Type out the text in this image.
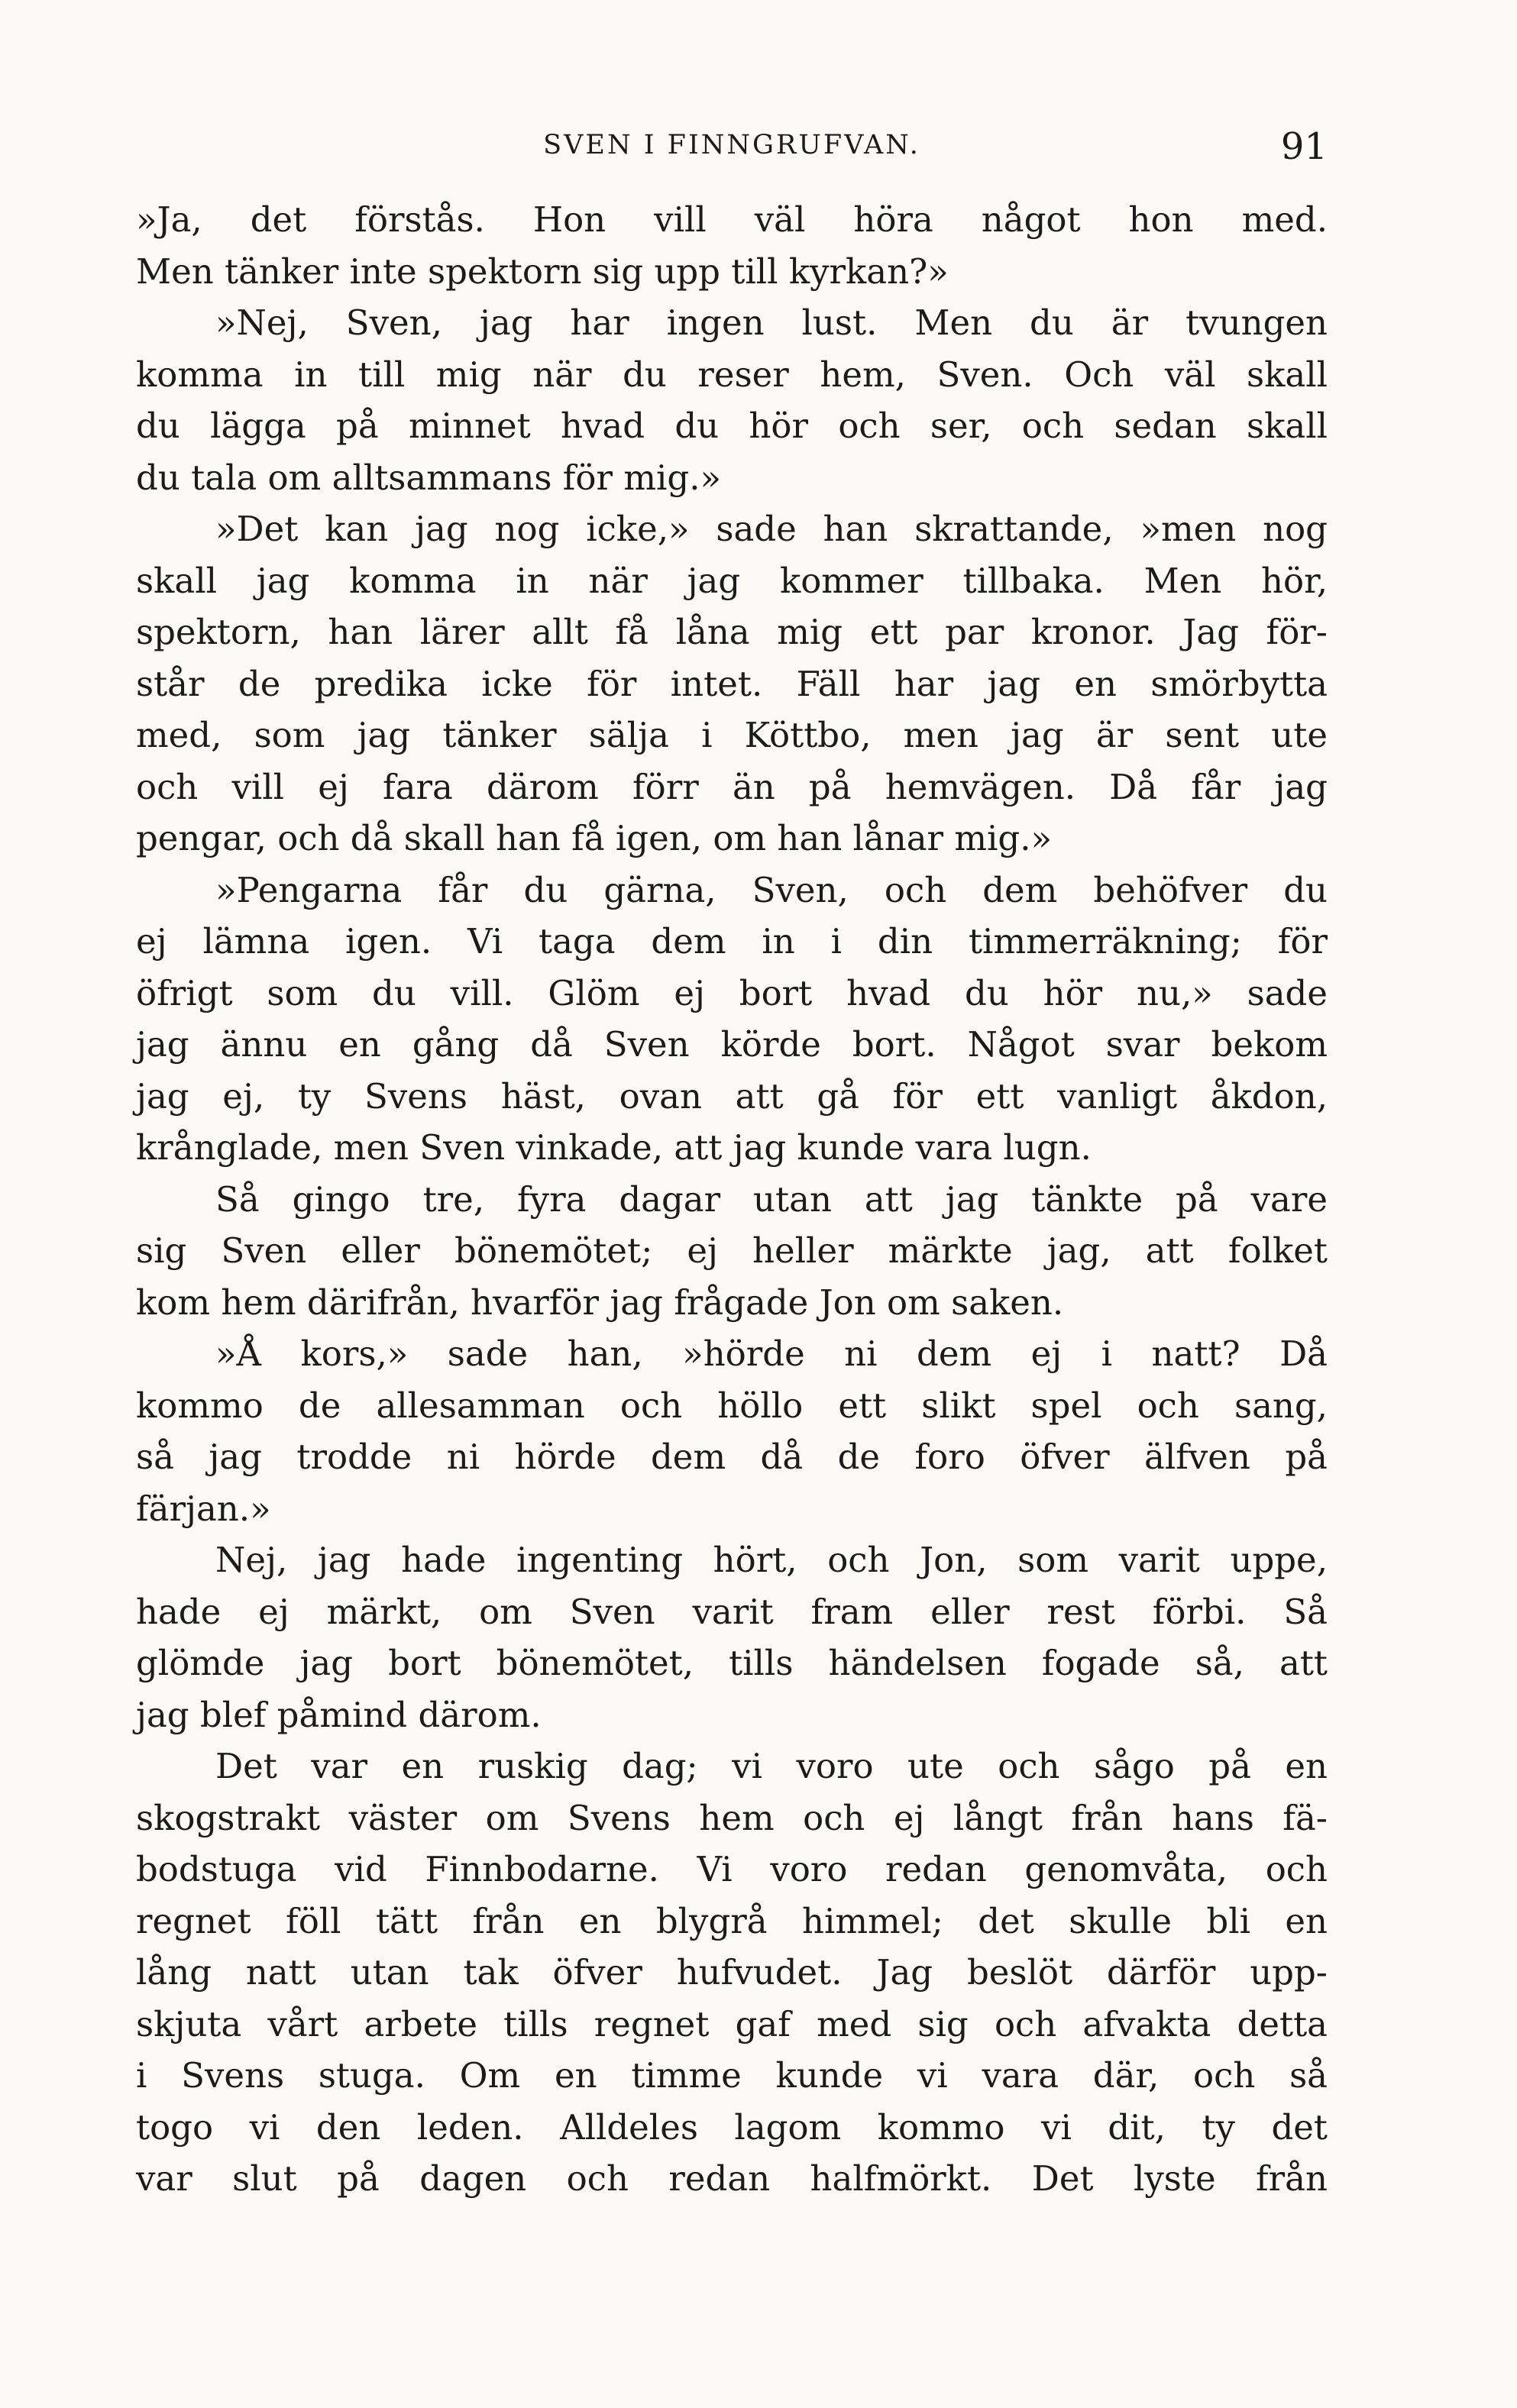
SVEN I FINNGRUFVAN.	91
»Ja, det förstås. Hon vill väl höra något hon med.
Men tänker inte spektorn sig upp till kyrkan?»
»Nej, Sven, jag har ingen lust. Men du är tvungen
komma in till mig när du reser hem, Sven. Och väl skall
du lägga på minnet hvad du hör och ser, och sedan skall
du tala om alltsammans för mig.»
»Det kan jag nog icke,» sade han skrattande, »men nog
skall jag komma in när jag kommer tillbaka. Men hör,
spektorn, han lärer allt få låna mig ett par kronor. Jag för-
står de predika icke för intet. Fäll har jag en smörbytta
med, som jag tänker sälja i Köttbo, men jag är sent ute
och vill ej fara därom förr än på hemvägen. Då får jag
pengar, och då skall han få igen, om han lånar mig.»
»Pengarna får du gärna, Sven, och dem behöfver du
ej lämna igen. Vi taga dem in i din timmerräkning; för
öfrigt som du vill. Glöm ej bort hvad du hör nu,» sade
jag ännu en gång då Sven körde bort. Något svar bekom
jag ej, ty Svens häst, ovan att gå för ett vanligt åkdon,
krånglade, men Sven vinkade, att jag kunde vara lugn.
Så gingo tre, fyra dagar utan att jag tänkte på vare
sig Sven eller bönemötet; ej heller märkte jag, att folket
kom hem därifrån, hvarför jag frågade Jon om saken.
»Å kors,» sade han, »hörde ni dem ej i natt? Då
kommo de allesamman och höllo ett slikt spel och sang,
så jag trodde ni hörde dem då de foro öfver älfven på
färjan.»
Nej, jag hade ingenting hört, och Jon, som varit uppe,
hade ej märkt, om Sven varit fram eller rest förbi. Så
glömde jag bort bönemötet, tills händelsen fogade så, att
jag blef påmind därom.
Det var en ruskig dag; vi voro ute och sågo på en
skogstrakt väster om Svens hem och ej långt från hans fä-
bodstuga vid Finnbodarne. Vi voro redan genomvåta, och
regnet föll tätt från en blygrå himmel; det skulle bli en
lång natt utan tak öfver hufvudet. Jag beslöt därför upp-
skjuta vårt arbete tills regnet gaf med sig och afvakta detta
i Svens stuga. Om en timme kunde vi vara där, och så
togo vi den leden. Alldeles lagom kommo vi dit, ty det
var slut på dagen och redan halfmörkt. Det lyste från
